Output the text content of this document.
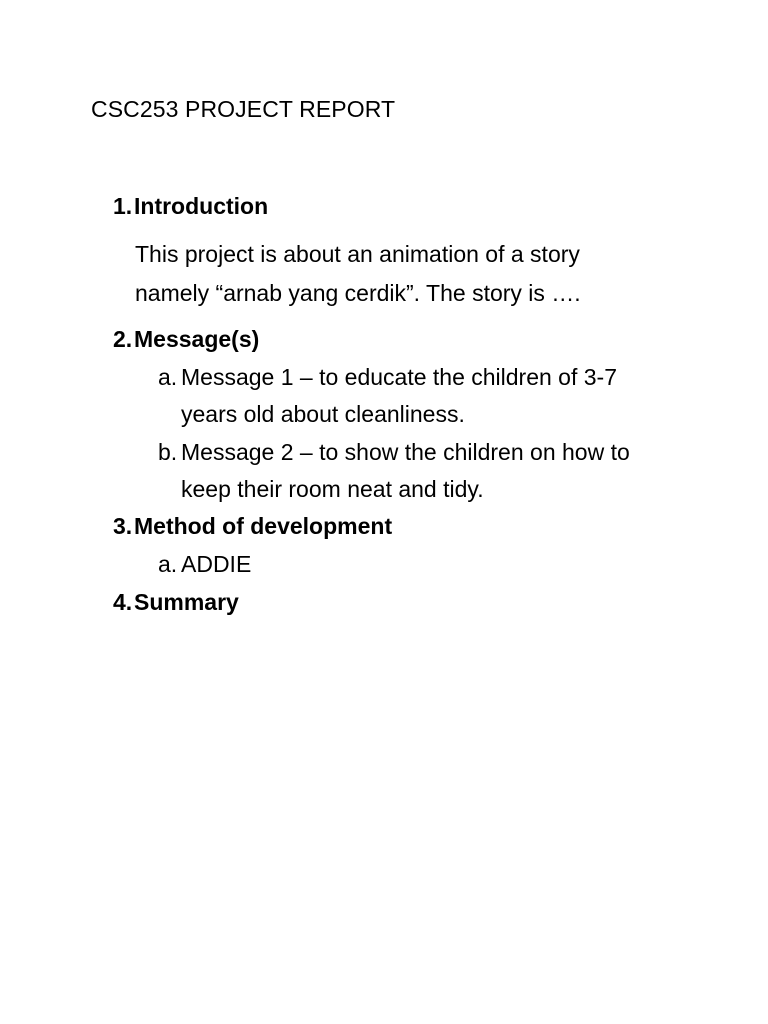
CSC253 PROJECT REPORT
1.Introduction
This project is about an animation of a story
namely “arnab yang cerdik”. The story is ….
2.Message(s)
a. Message 1 – to educate the children of 3-7
years old about cleanliness.
b. Message 2 – to show the children on how to
keep their room neat and tidy.
3.Method of development
a. ADDIE
4.Summary
